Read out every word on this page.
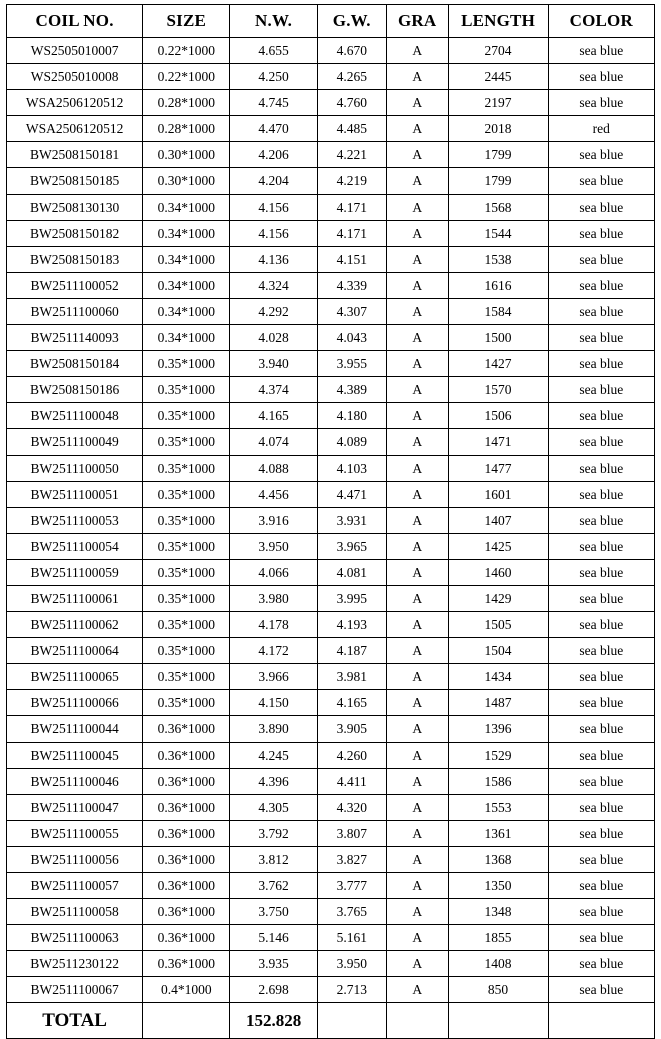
COIL NO.	SIZE	N.W.	G.W.	GRA	LENGTH	COLOR
WS2505010007	0.22*1000	4.655	4.670	A	2704	sea blue
WS2505010008	0.22*1000	4.250	4.265	A	2445	sea blue
WSA2506120512	0.28*1000	4.745	4.760	A	2197	sea blue
WSA2506120512	0.28*1000	4.470	4.485	A	2018	red
BW2508150181	0.30*1000	4.206	4.221	A	1799	sea blue
BW2508150185	0.30*1000	4.204	4.219	A	1799	sea blue
BW2508130130	0.34*1000	4.156	4.171	A	1568	sea blue
BW2508150182	0.34*1000	4.156	4.171	A	1544	sea blue
BW2508150183	0.34*1000	4.136	4.151	A	1538	sea blue
BW2511100052	0.34*1000	4.324	4.339	A	1616	sea blue
BW2511100060	0.34*1000	4.292	4.307	A	1584	sea blue
BW2511140093	0.34*1000	4.028	4.043	A	1500	sea blue
BW2508150184	0.35*1000	3.940	3.955	A	1427	sea blue
BW2508150186	0.35*1000	4.374	4.389	A	1570	sea blue
BW2511100048	0.35*1000	4.165	4.180	A	1506	sea blue
BW2511100049	0.35*1000	4.074	4.089	A	1471	sea blue
BW2511100050	0.35*1000	4.088	4.103	A	1477	sea blue
BW2511100051	0.35*1000	4.456	4.471	A	1601	sea blue
BW2511100053	0.35*1000	3.916	3.931	A	1407	sea blue
BW2511100054	0.35*1000	3.950	3.965	A	1425	sea blue
BW2511100059	0.35*1000	4.066	4.081	A	1460	sea blue
BW2511100061	0.35*1000	3.980	3.995	A	1429	sea blue
BW2511100062	0.35*1000	4.178	4.193	A	1505	sea blue
BW2511100064	0.35*1000	4.172	4.187	A	1504	sea blue
BW2511100065	0.35*1000	3.966	3.981	A	1434	sea blue
BW2511100066	0.35*1000	4.150	4.165	A	1487	sea blue
BW2511100044	0.36*1000	3.890	3.905	A	1396	sea blue
BW2511100045	0.36*1000	4.245	4.260	A	1529	sea blue
BW2511100046	0.36*1000	4.396	4.411	A	1586	sea blue
BW2511100047	0.36*1000	4.305	4.320	A	1553	sea blue
BW2511100055	0.36*1000	3.792	3.807	A	1361	sea blue
BW2511100056	0.36*1000	3.812	3.827	A	1368	sea blue
BW2511100057	0.36*1000	3.762	3.777	A	1350	sea blue
BW2511100058	0.36*1000	3.750	3.765	A	1348	sea blue
BW2511100063	0.36*1000	5.146	5.161	A	1855	sea blue
BW2511230122	0.36*1000	3.935	3.950	A	1408	sea blue
BW2511100067	0.4*1000	2.698	2.713	A	850	sea blue
TOTAL		152.828				
